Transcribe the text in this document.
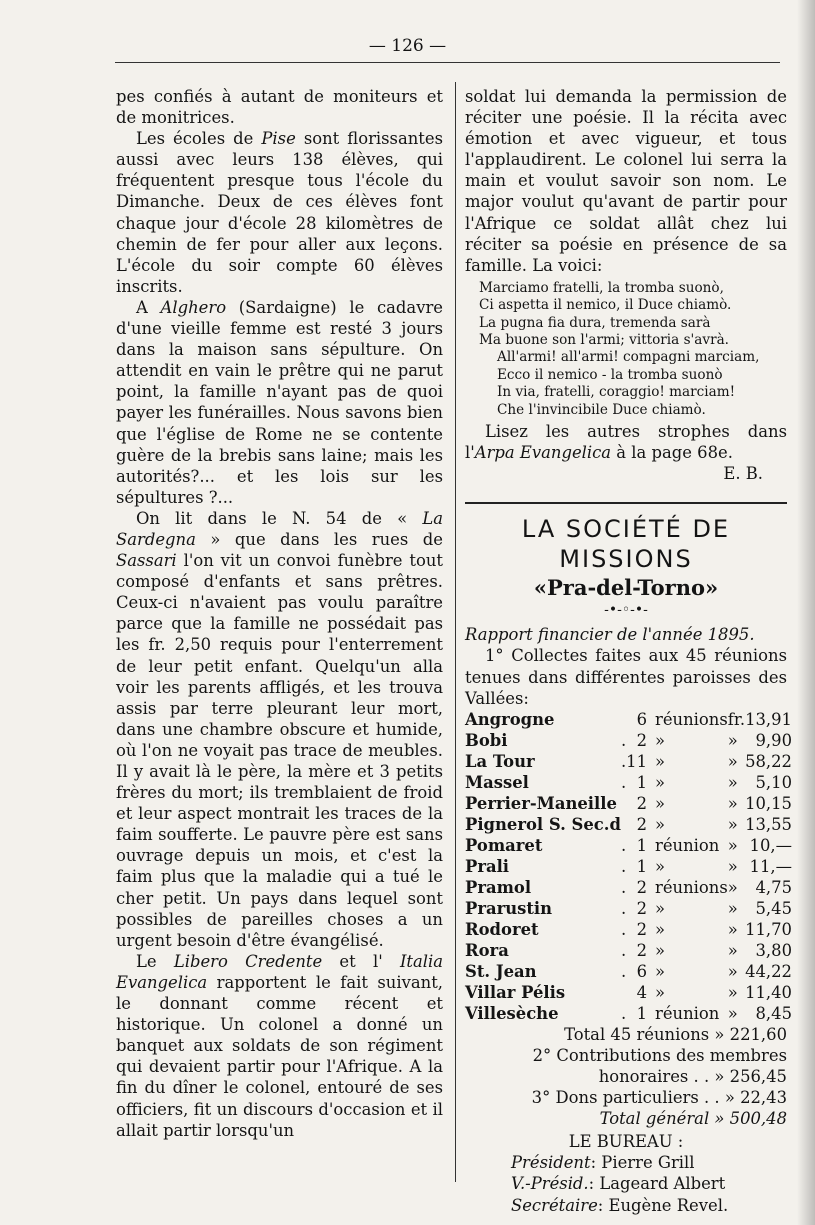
— 126 —

pes confiés à autant de moniteurs et de monitrices.

Les écoles de Pise sont florissantes aussi avec leurs 138 élèves, qui fréquentent presque tous l'école du Dimanche. Deux de ces élèves font chaque jour d'école 28 kilomètres de chemin de fer pour aller aux leçons. L'école du soir compte 60 élèves inscrits.

A Alghero (Sardaigne) le cadavre d'une vieille femme est resté 3 jours dans la maison sans sépulture. On attendit en vain le prêtre qui ne parut point, la famille n'ayant pas de quoi payer les funérailles. Nous savons bien que l'église de Rome ne se contente guère de la brebis sans laine; mais les autorités?... et les lois sur les sépultures ?...

On lit dans le N. 54 de « La Sardegna » que dans les rues de Sassari l'on vit un convoi funèbre tout composé d'enfants et sans prêtres. Ceux-ci n'avaient pas voulu paraître parce que la famille ne possédait pas les fr. 2,50 requis pour l'enterrement de leur petit enfant. Quelqu'un alla voir les parents affligés, et les trouva assis par terre pleurant leur mort, dans une chambre obscure et humide, où l'on ne voyait pas trace de meubles. Il y avait là le père, la mère et 3 petits frères du mort; ils tremblaient de froid et leur aspect montrait les traces de la faim soufferte. Le pauvre père est sans ouvrage depuis un mois, et c'est la faim plus que la maladie qui a tué le cher petit. Un pays dans lequel sont possibles de pareilles choses a un urgent besoin d'être évangélisé.

Le Libero Credente et l' Italia Evangelica rapportent le fait suivant, le donnant comme récent et historique. Un colonel a donné un banquet aux soldats de son régiment qui devaient partir pour l'Afrique. A la fin du dîner le colonel, entouré de ses officiers, fit un discours d'occasion et il allait partir lorsqu'un

soldat lui demanda la permission de réciter une poésie. Il la récita avec émotion et avec vigueur, et tous l'applaudirent. Le colonel lui serra la main et voulut savoir son nom. Le major voulut qu'avant de partir pour l'Afrique ce soldat allât chez lui réciter sa poésie en présence de sa famille. La voici:

Marciamo fratelli, la tromba suonò,
Ci aspetta il nemico, il Duce chiamò.
La pugna fia dura, tremenda sarà
Ma buone son l'armi; vittoria s'avrà.
All'armi! all'armi! compagni marciam,
Ecco il nemico - la tromba suonò
In via, fratelli, coraggio! marciam!
Che l'invincibile Duce chiamò.

Lisez les autres strophes dans l'Arpa Evangelica à la page 68e.

E. B.
LA SOCIÉTÉ DE MISSIONS
«Pra-del-Torno»
-•-◦-•-
Rapport financier de l'année 1895.

1° Collectes faites aux 45 réunions tenues dans différentes paroisses des Vallées:

Angrogne		6	réunions	fr.	13,91
Bobi	.	2	»	»	9,90
La Tour	.	11	»	»	58,22
Massel	.	1	»	»	5,10
Perrier-Maneille		2	»	»	10,15
Pignerol S. Sec.d		2	»	»	13,55
Pomaret	.	1	réunion	»	10,—
Prali	.	1	»	»	11,—
Pramol	.	2	réunions	»	4,75
Prarustin	.	2	»	»	5,45
Rodoret	.	2	»	»	11,70
Rora	.	2	»	»	3,80
St. Jean	.	6	»	»	44,22
Villar Pélis		4	»	»	11,40
Villesèche	.	1	réunion	»	8,45
Total 45 réunions » 221,60
2° Contributions des membres honoraires . . » 256,45
3° Dons particuliers . . » 22,43
Total général » 500,48
LE BUREAU :
Président: Pierre Grill
V.-Présid.: Lageard Albert
Secrétaire: Eugène Revel.
